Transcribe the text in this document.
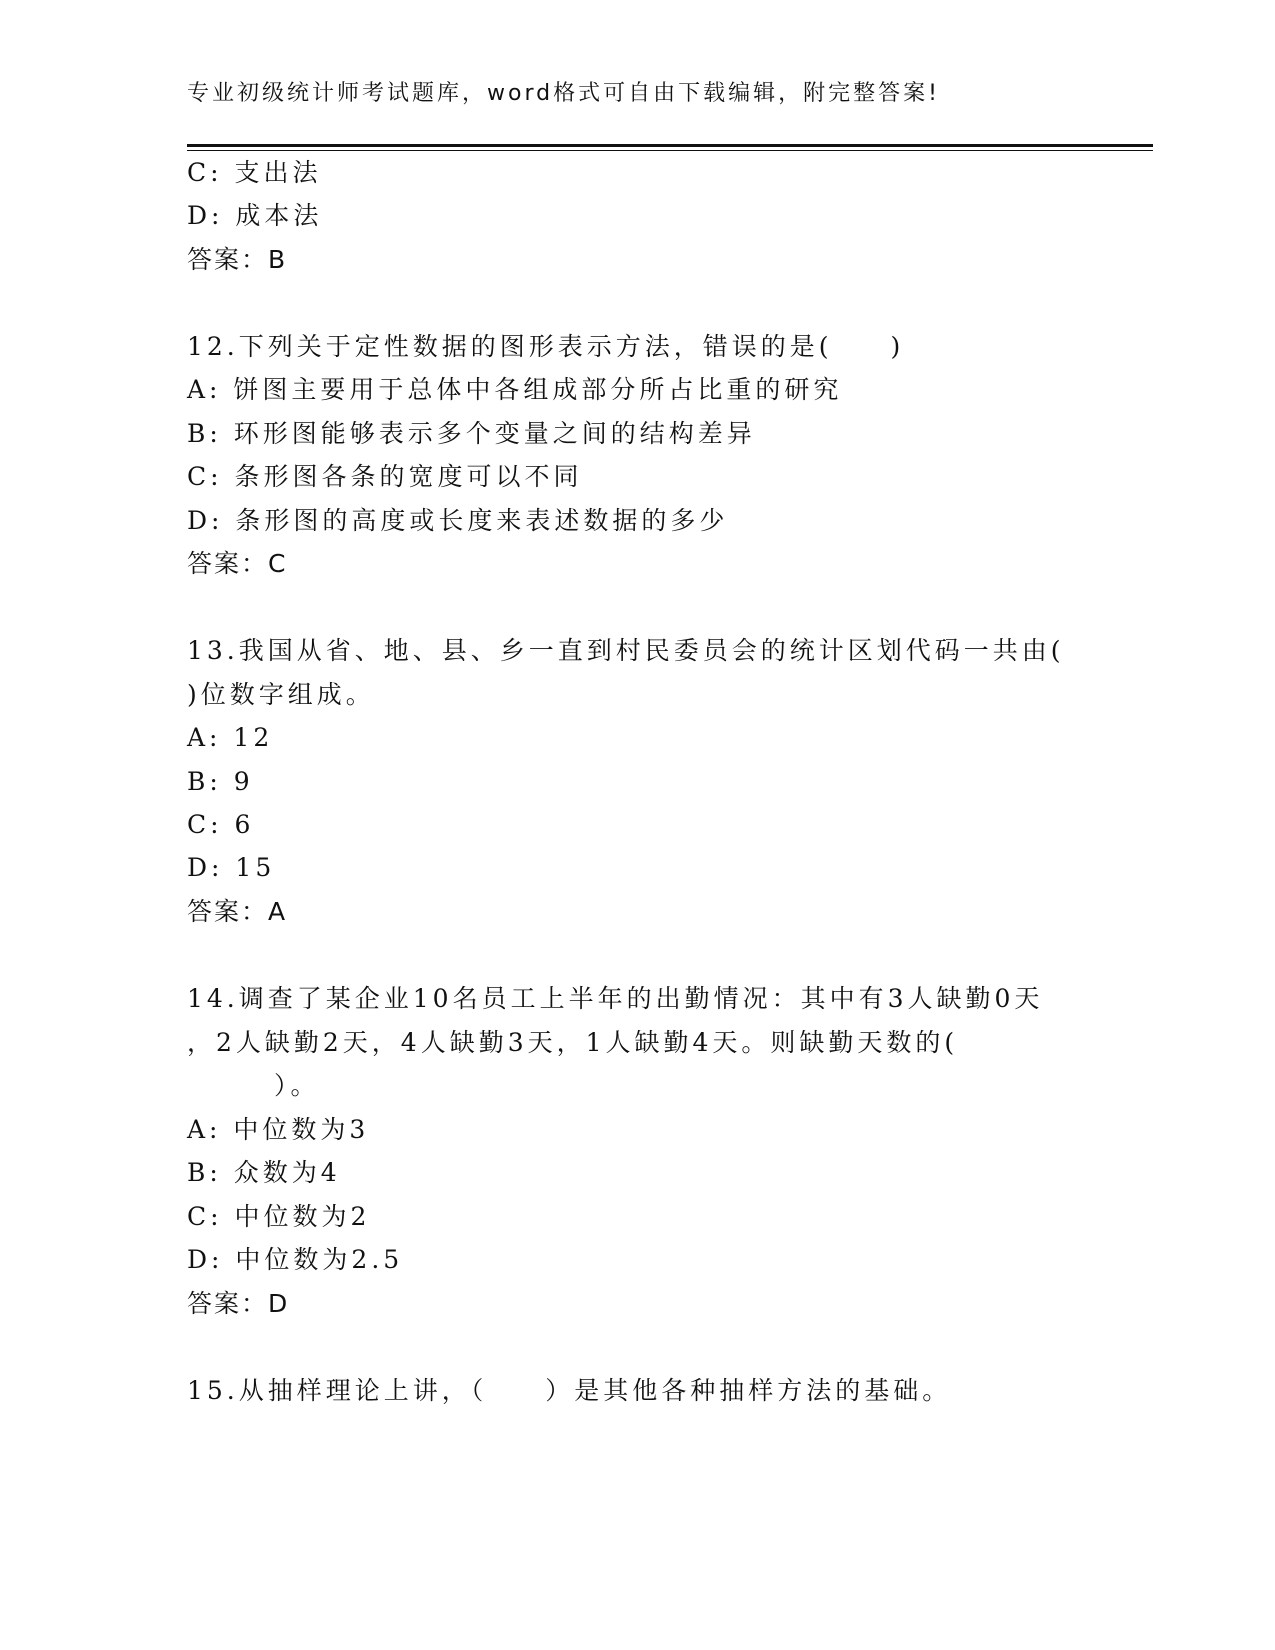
专业初级统计师考试题库，word格式可自由下载编辑，附完整答案!
C: 支出法
D: 成本法
答案：B
12.下列关于定性数据的图形表示方法，错误的是(　　)
A: 饼图主要用于总体中各组成部分所占比重的研究
B: 环形图能够表示多个变量之间的结构差异
C: 条形图各条的宽度可以不同
D: 条形图的高度或长度来表述数据的多少
答案：C
13.我国从省、地、县、乡一直到村民委员会的统计区划代码一共由(
)位数字组成。
A: 12
B: 9
C: 6
D: 15
答案：A
14.调查了某企业10名员工上半年的出勤情况：其中有3人缺勤0天
，2人缺勤2天，4人缺勤3天，1人缺勤4天。则缺勤天数的(
　　　）。
A: 中位数为3
B: 众数为4
C: 中位数为2
D: 中位数为2.5
答案：D
15.从抽样理论上讲，（　　）是其他各种抽样方法的基础。
